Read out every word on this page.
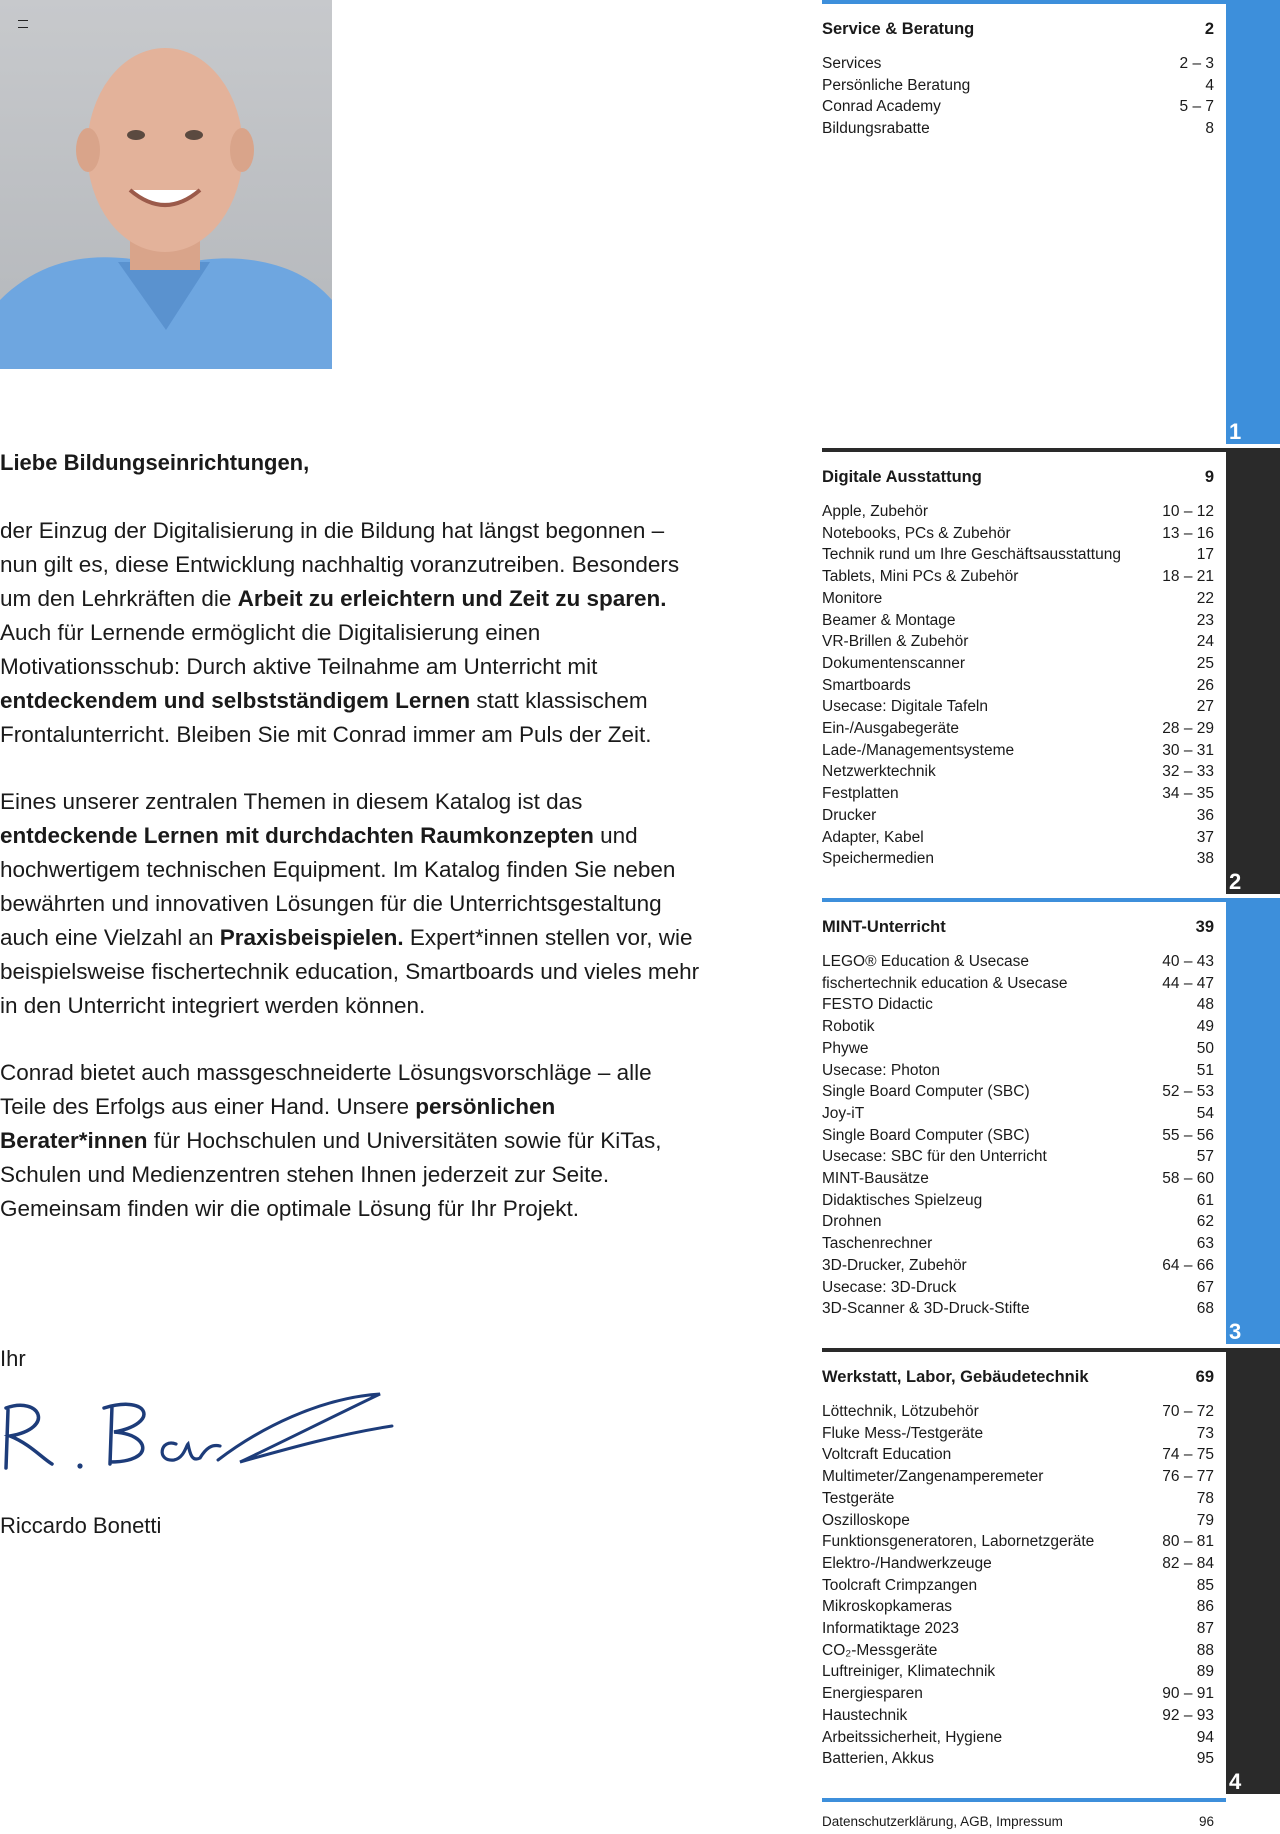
Liebe Bildungseinrichtungen,

der Einzug der Digitalisierung in die Bildung hat längst begonnen – nun gilt es, diese Entwicklung nachhaltig voranzutreiben. Besonders um den Lehrkräften die Arbeit zu erleichtern und Zeit zu sparen. Auch für Lernende ermöglicht die Digitalisierung einen Motivationsschub: Durch aktive Teilnahme am Unterricht mit entdeckendem und selbstständigem Lernen statt klassischem Frontalunterricht. Bleiben Sie mit Conrad immer am Puls der Zeit.

Eines unserer zentralen Themen in diesem Katalog ist das entdeckende Lernen mit durchdachten Raumkonzepten und hochwertigem technischen Equipment. Im Katalog finden Sie neben bewährten und innovativen Lösungen für die Unterrichtsgestaltung auch eine Vielzahl an Praxisbeispielen. Expert*innen stellen vor, wie beispielsweise fischertechnik education, Smartboards und vieles mehr in den Unterricht integriert werden können.

Conrad bietet auch massgeschneiderte Lösungsvorschläge – alle Teile des Erfolgs aus einer Hand. Unsere persönlichen Berater*innen für Hochschulen und Universitäten sowie für KiTas, Schulen und Medienzentren stehen Ihnen jederzeit zur Seite. Gemeinsam finden wir die optimale Lösung für Ihr Projekt.

Ihr
Riccardo Bonetti
1
Service & Beratung	2
Services	2 – 3
Persönliche Beratung	4
Conrad Academy	5 – 7
Bildungsrabatte	8
2
Digitale Ausstattung	9
Apple, Zubehör	10 – 12
Notebooks, PCs & Zubehör	13 – 16
Technik rund um Ihre Geschäftsausstattung	17
Tablets, Mini PCs & Zubehör	18 – 21
Monitore	22
Beamer & Montage	23
VR-Brillen & Zubehör	24
Dokumentenscanner	25
Smartboards	26
Usecase: Digitale Tafeln	27
Ein-/Ausgabegeräte	28 – 29
Lade-/Managementsysteme	30 – 31
Netzwerktechnik	32 – 33
Festplatten	34 – 35
Drucker	36
Adapter, Kabel	37
Speichermedien	38
3
MINT-Unterricht	39
LEGO® Education & Usecase	40 – 43
fischertechnik education & Usecase	44 – 47
FESTO Didactic	48
Robotik	49
Phywe	50
Usecase: Photon	51
Single Board Computer (SBC)	52 – 53
Joy-iT	54
Single Board Computer (SBC)	55 – 56
Usecase: SBC für den Unterricht	57
MINT-Bausätze	58 – 60
Didaktisches Spielzeug	61
Drohnen	62
Taschenrechner	63
3D-Drucker, Zubehör	64 – 66
Usecase: 3D-Druck	67
3D-Scanner & 3D-Druck-Stifte	68
4
Werkstatt, Labor, Gebäudetechnik	69
Löttechnik, Lötzubehör	70 – 72
Fluke Mess-/Testgeräte	73
Voltcraft Education	74 – 75
Multimeter/Zangenamperemeter	76 – 77
Testgeräte	78
Oszilloskope	79
Funktionsgeneratoren, Labornetzgeräte	80 – 81
Elektro-/Handwerkzeuge	82 – 84
Toolcraft Crimpzangen	85
Mikroskopkameras	86
Informatiktage 2023	87
CO₂-Messgeräte	88
Luftreiniger, Klimatechnik	89
Energiesparen	90 – 91
Haustechnik	92 – 93
Arbeitssicherheit, Hygiene	94
Batterien, Akkus	95
Datenschutzerklärung, AGB, Impressum	96
